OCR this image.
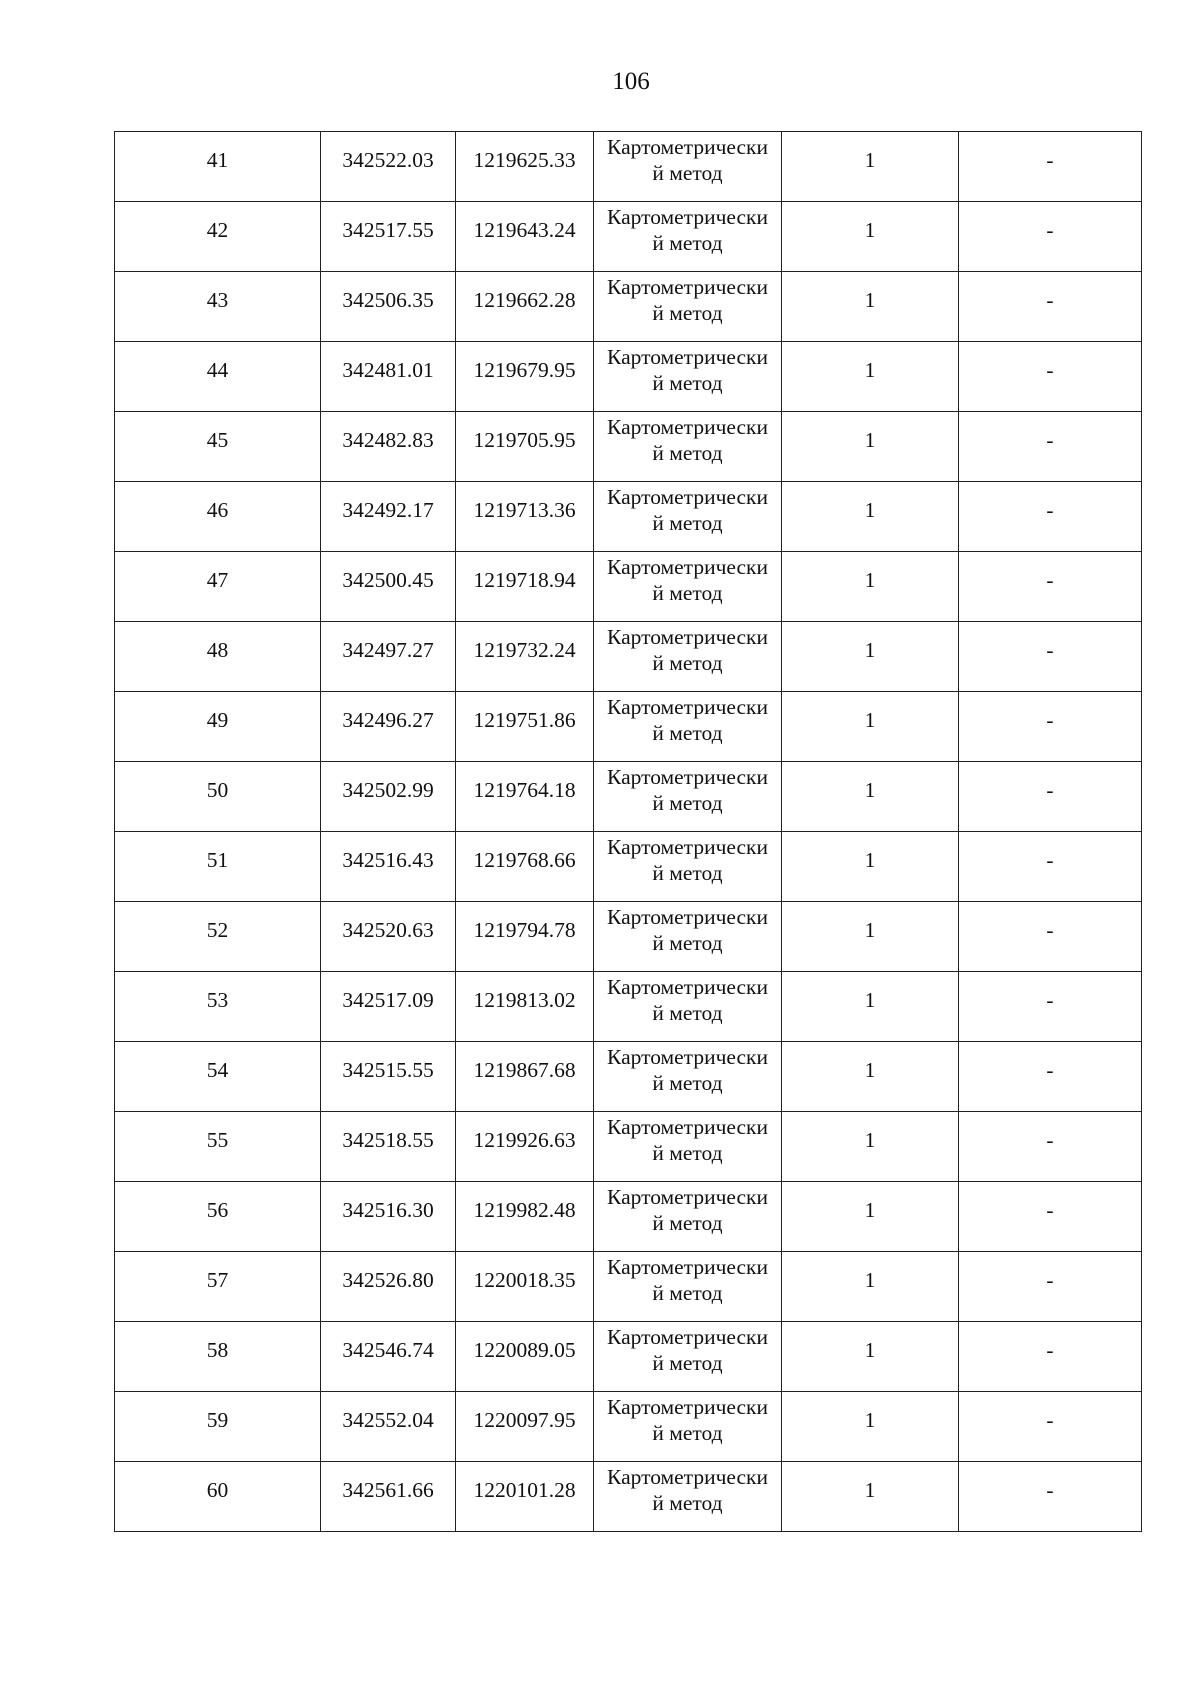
106
41	342522.03	1219625.33	Картометрически
й метод	1	-
42	342517.55	1219643.24	Картометрически
й метод	1	-
43	342506.35	1219662.28	Картометрически
й метод	1	-
44	342481.01	1219679.95	Картометрически
й метод	1	-
45	342482.83	1219705.95	Картометрически
й метод	1	-
46	342492.17	1219713.36	Картометрически
й метод	1	-
47	342500.45	1219718.94	Картометрически
й метод	1	-
48	342497.27	1219732.24	Картометрически
й метод	1	-
49	342496.27	1219751.86	Картометрически
й метод	1	-
50	342502.99	1219764.18	Картометрически
й метод	1	-
51	342516.43	1219768.66	Картометрически
й метод	1	-
52	342520.63	1219794.78	Картометрически
й метод	1	-
53	342517.09	1219813.02	Картометрически
й метод	1	-
54	342515.55	1219867.68	Картометрически
й метод	1	-
55	342518.55	1219926.63	Картометрически
й метод	1	-
56	342516.30	1219982.48	Картометрически
й метод	1	-
57	342526.80	1220018.35	Картометрически
й метод	1	-
58	342546.74	1220089.05	Картометрически
й метод	1	-
59	342552.04	1220097.95	Картометрически
й метод	1	-
60	342561.66	1220101.28	Картометрически
й метод	1	-
